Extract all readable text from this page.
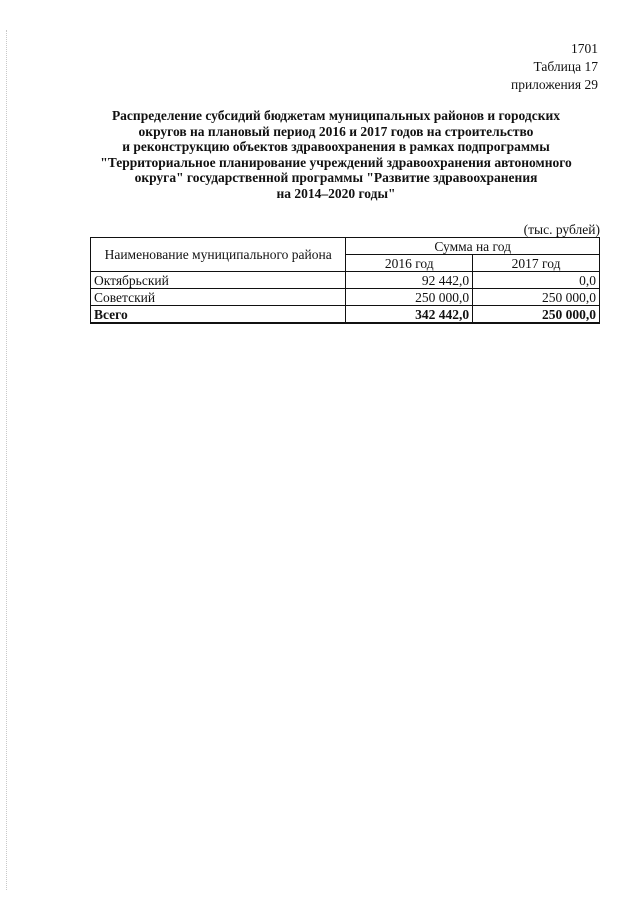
1701
Таблица 17
приложения 29
Распределение субсидий бюджетам муниципальных районов и городских
округов на плановый период 2016 и 2017 годов на строительство
и реконструкцию объектов здравоохранения в рамках подпрограммы
"Территориальное планирование учреждений здравоохранения автономного
округа" государственной программы "Развитие здравоохранения
на 2014–2020 годы"
(тыс. рублей)
Наименование муниципального района	Сумма на год	
	2016 год	2017 год
Октябрьский	92 442,0	0,0
Советский	250 000,0	250 000,0
Всего	342 442,0	250 000,0
